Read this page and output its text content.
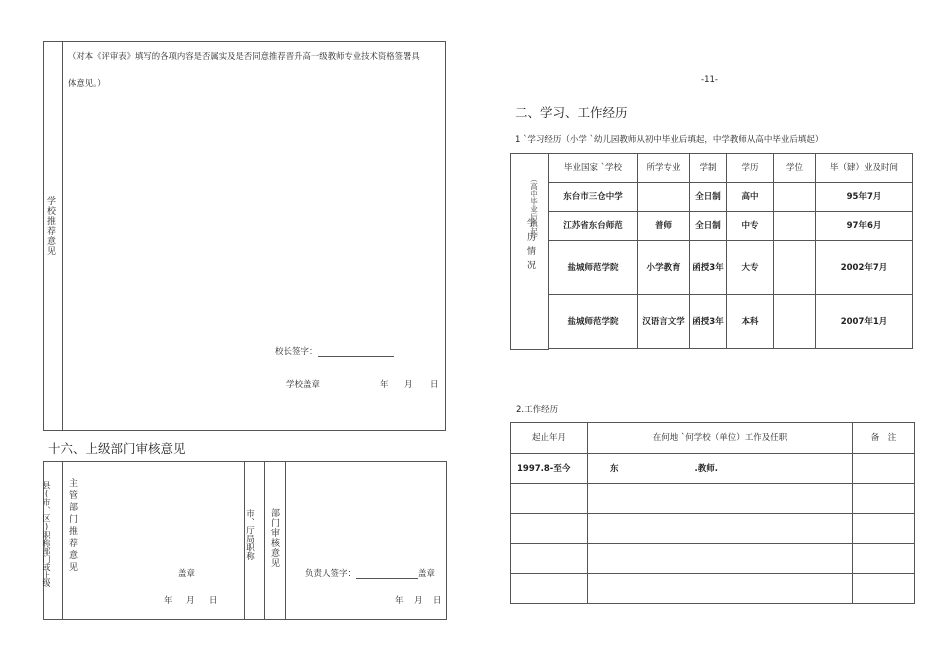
学校推荐意见
（对本《评审表》填写的各项内容是否属实及是否同意推荐晋升高一级教师专业技术资格签署具
体意见。）
校长签字：
学校盖章	年 月 日
十六、上级部门审核意见
县(市、区)职称部门或上级 主管部门推荐意见	盖章
年 月 日
市、厅局职称 部门审核意见
负责人签字：	盖章
年 月 日
-11-
二、学习、工作经历
1 `学习经历（小学 `幼儿园教师从初中毕业后填起，中学教师从高中毕业后填起）
（高中毕业后填起）
学历情况
毕业国家 `学校	所学专业	学制	学历	学位	毕（肄）业及时间
东台市三仓中学		全日制	高中		95年7月
江苏省东台师范	普师	全日制	中专		97年6月
盐城师范学院	小学教育	函授3年	大专		2002年7月
盐城师范学院	汉语言文学	函授3年	本科		2007年1月
2.工作经历
起止年月	在何地 `何学校（单位）工作及任职	备　注
1997.8-至今	东 .教师.	
